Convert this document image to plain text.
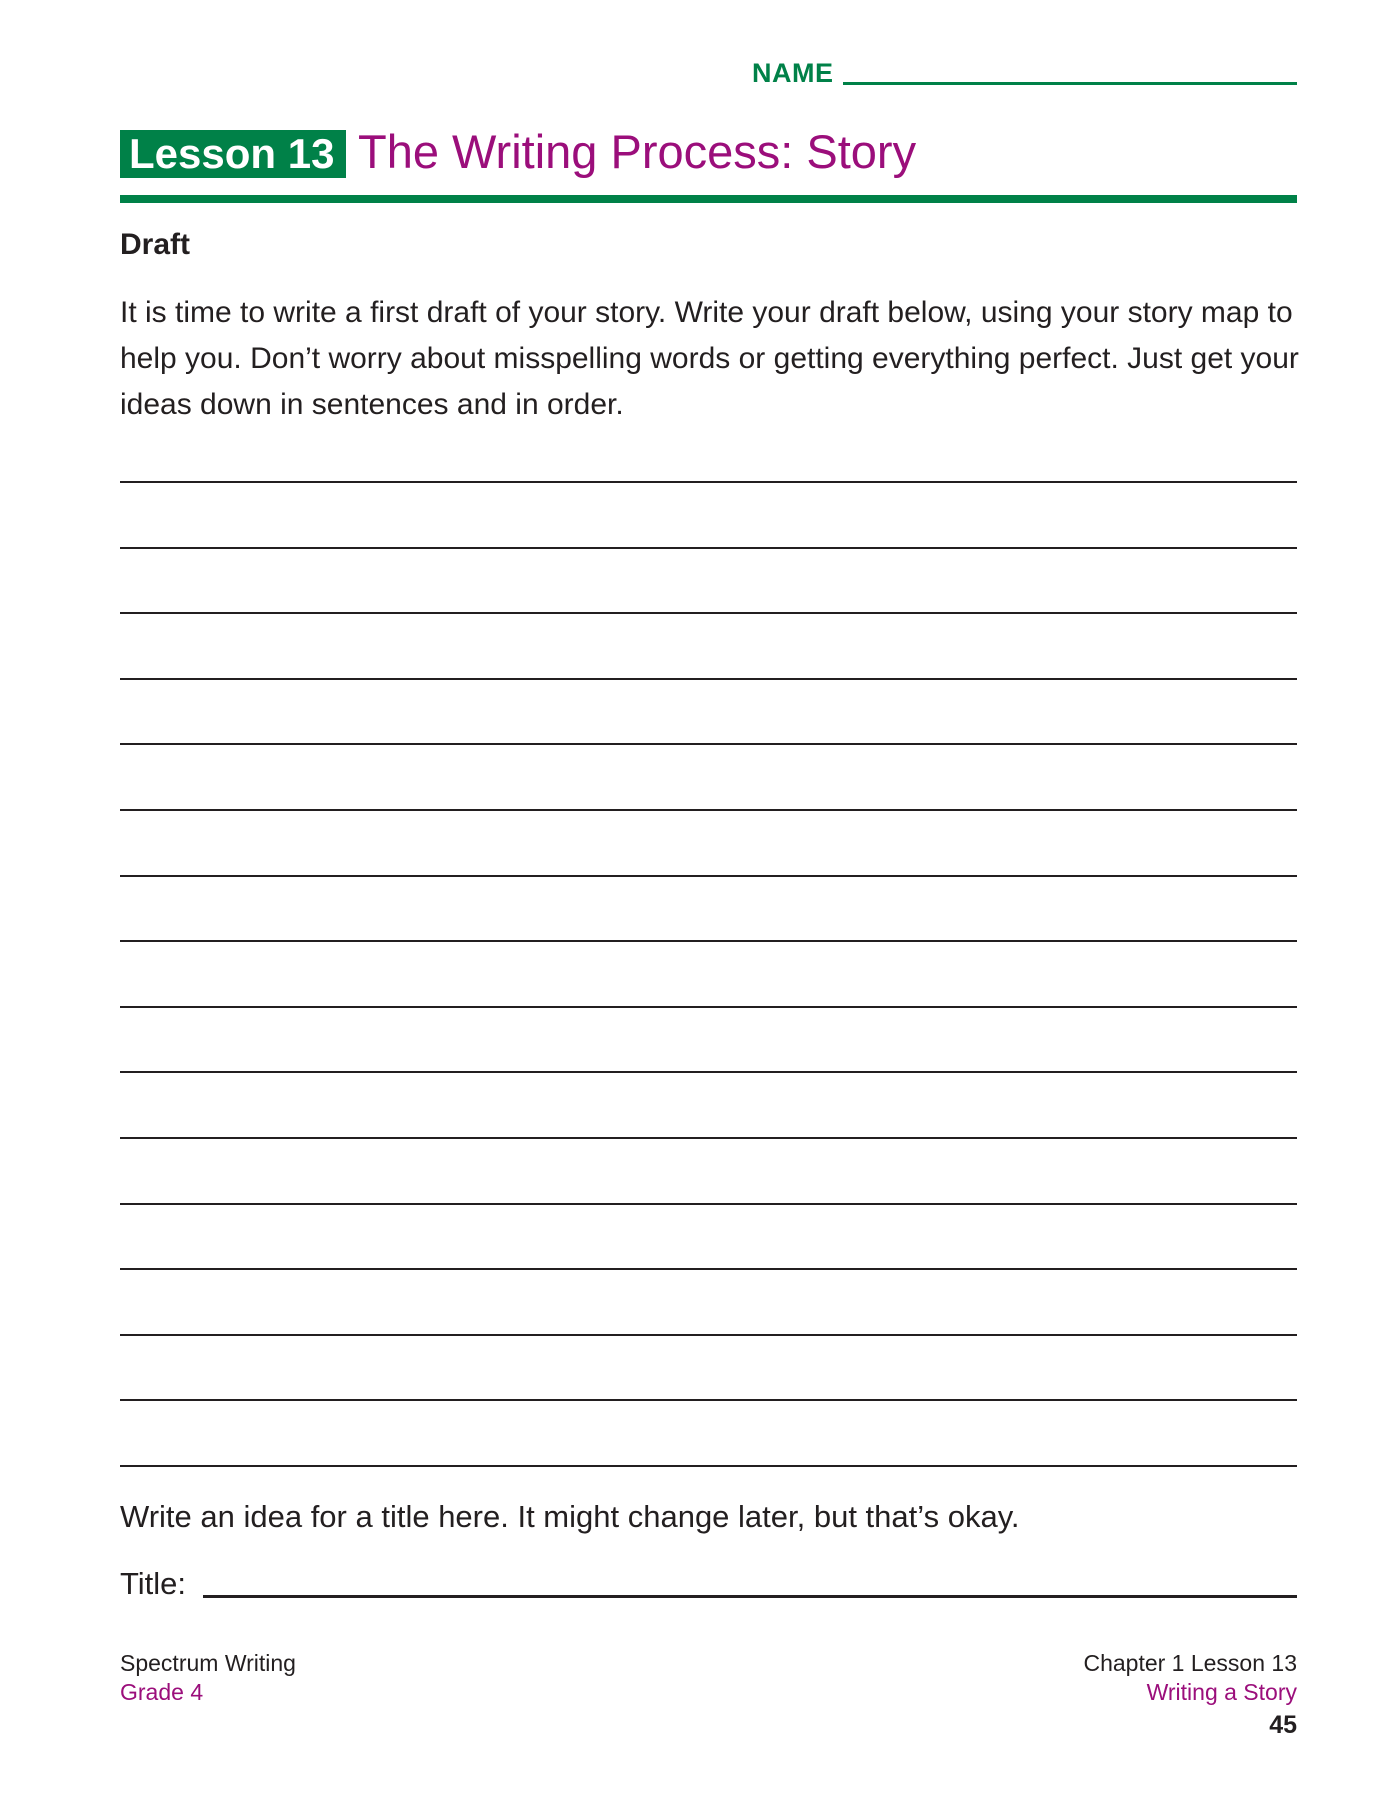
NAME
Lesson 13 The Writing Process: Story
Draft
It is time to write a first draft of your story. Write your draft below, using your story map to help you. Don’t worry about misspelling words or getting everything perfect. Just get your ideas down in sentences and in order.
Write an idea for a title here. It might change later, but that’s okay.
Title:
Spectrum Writing
Grade 4
Chapter 1 Lesson 13
Writing a Story
45
